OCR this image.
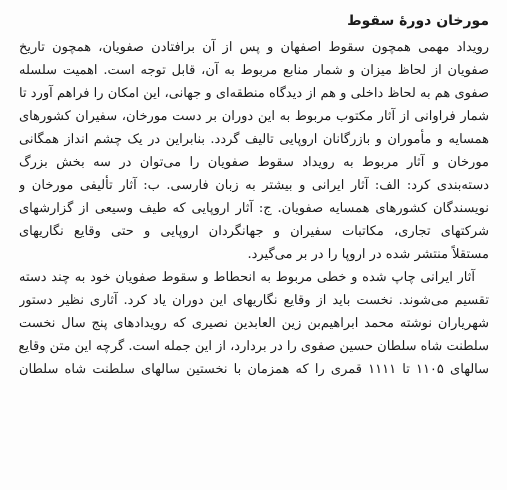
مورخان دورهٔ سقوط
رویداد مهمی همچون سقوط اصفهان و پس از آن برافتادن صفویان، همچون تاریخ
صفویان از لحاظ میزان و شمار منابع مربوط به آن، قابل توجه است. اهمیت سلسله
صفوی هم به لحاظ داخلی و هم از دیدگاه منطقه‌ای و جهانی، این امکان را فراهم آورد تا
شمار فراوانی از آثار مکتوب مربوط به این دوران بر دست مورخان، سفیران کشورهای
همسایه و مأموران و بازرگانان اروپایی تالیف گردد. بنابراین در یک چشم انداز همگانی
مورخان و آثار مربوط به رویداد سقوط صفویان را می‌توان در سه بخش بزرگ
دسته‌بندی کرد: الف: آثار ایرانی و بیشتر به زبان فارسی. ب: آثار تألیفی مورخان و
نویسندگان کشورهای همسایه صفویان. ج: آثار اروپایی که طیف وسیعی از گزارشهای
شرکتهای تجاری، مکاتبات سفیران و جهانگردان اروپایی و حتی وقایع نگاریهای
مستقلاً منتشر شده در اروپا را در بر می‌گیرد.
آثار ایرانی چاپ شده و خطی مربوط به انحطاط و سقوط صفویان خود به چند دسته
تقسیم می‌شوند. نخست باید از وقایع نگاریهای این دوران یاد کرد. آثاری نظیر دستور
شهریاران نوشته محمد ابراهیم‌بن زین العابدین نصیری که رویدادهای پنج سال نخست
سلطنت شاه سلطان حسین صفوی را در بردارد، از این جمله است. گرچه این متن وقایع
سالهای ۱۱۰۵ تا ۱۱۱۱ قمری را که همزمان با نخستین سالهای سلطنت شاه سلطان
